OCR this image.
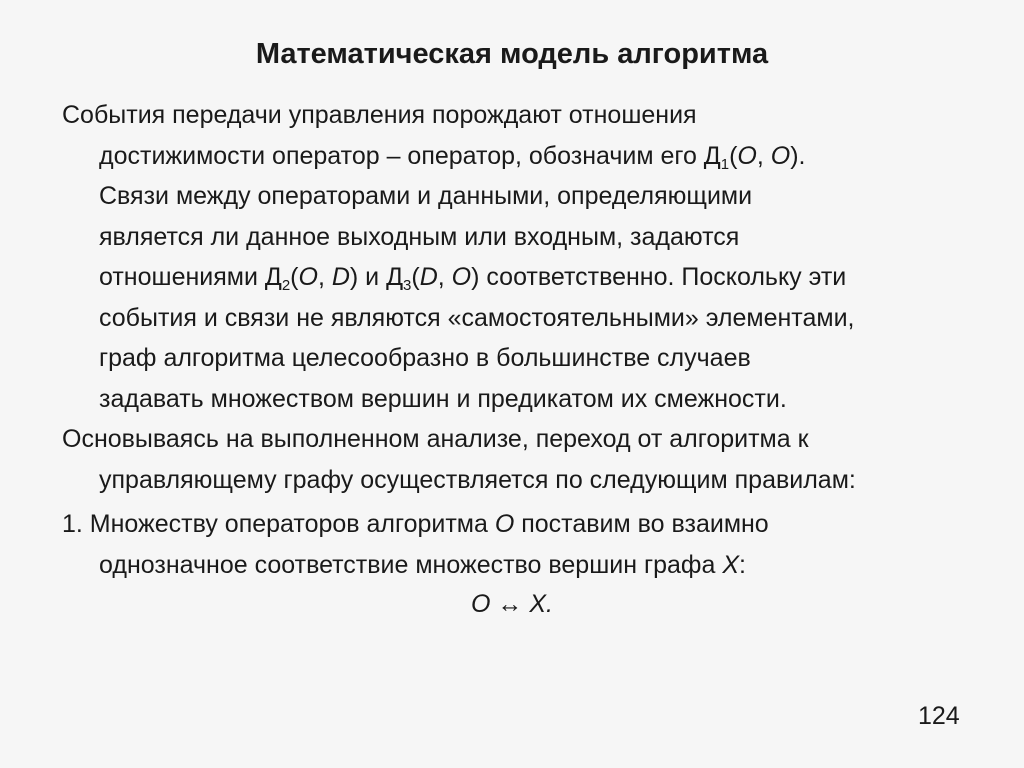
Математическая модель алгоритма
События передачи управления порождают отношения
достижимости оператор – оператор, обозначим его $Д_1(O$, O).
Связи между операторами и данными, определяющими
является ли данное выходным или входным, задаются
отношениями $Д_2(O$, D) и $Д_3(D$, O) соответственно. Поскольку эти
события и связи не являются «самостоятельными» элементами,
граф алгоритма целесообразно в большинстве случаев
задавать множеством вершин и предикатом их смежности.
Основываясь на выполненном анализе, переход от алгоритма к
управляющему графу осуществляется по следующим правилам:
1. Множеству операторов алгоритма O поставим во взаимно
однозначное соответствие множество вершин графа X:
O ↔ X.
124
